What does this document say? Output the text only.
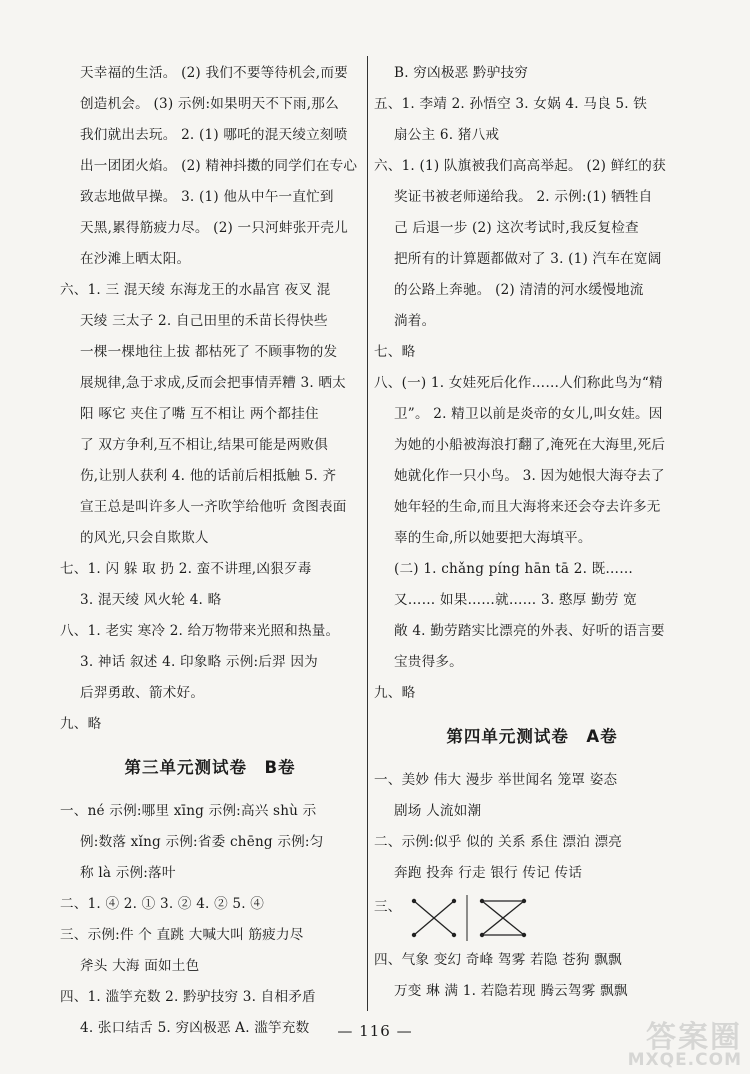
天幸福的生活。 (2) 我们不要等待机会,而要
创造机会。 (3) 示例:如果明天不下雨,那么
我们就出去玩。 2. (1) 哪吒的混天绫立刻喷
出一团团火焰。 (2) 精神抖擞的同学们在专心
致志地做早操。 3. (1) 他从中午一直忙到
天黑,累得筋疲力尽。 (2) 一只河蚌张开壳儿
在沙滩上晒太阳。
六、1. 三 混天绫 东海龙王的水晶宫 夜叉 混
天绫 三太子 2. 自己田里的禾苗长得快些
一棵一棵地往上拔 都枯死了 不顾事物的发
展规律,急于求成,反而会把事情弄糟 3. 晒太
阳 啄它 夹住了嘴 互不相让 两个都挂住
了 双方争利,互不相让,结果可能是两败俱
伤,让别人获利 4. 他的话前后相抵触 5. 齐
宣王总是叫许多人一齐吹竽给他听 贪图表面
的风光,只会自欺欺人
七、1. 闪 躲 取 扔 2. 蛮不讲理,凶狠歹毒
3. 混天绫 风火轮 4. 略
八、1. 老实 寒冷 2. 给万物带来光照和热量。
3. 神话 叙述 4. 印象略 示例:后羿 因为
后羿勇敢、箭术好。
九、略
第三单元测试卷　B卷
一、né 示例:哪里 xīng 示例:高兴 shù 示
例:数落 xǐng 示例:省委 chēng 示例:匀
称 là 示例:落叶
二、1. ④ 2. ① 3. ② 4. ② 5. ④
三、示例:件 个 直跳 大喊大叫 筋疲力尽
斧头 大海 面如土色
四、1. 滥竽充数 2. 黔驴技穷 3. 自相矛盾
4. 张口结舌 5. 穷凶极恶 A. 滥竽充数
B. 穷凶极恶 黔驴技穷
五、1. 李靖 2. 孙悟空 3. 女娲 4. 马良 5. 铁
扇公主 6. 猪八戒
六、1. (1) 队旗被我们高高举起。 (2) 鲜红的获
奖证书被老师递给我。 2. 示例:(1) 牺牲自
己 后退一步 (2) 这次考试时,我反复检查
把所有的计算题都做对了 3. (1) 汽车在宽阔
的公路上奔驰。 (2) 清清的河水缓慢地流
淌着。
七、略
八、(一) 1. 女娃死后化作……人们称此鸟为“精
卫”。 2. 精卫以前是炎帝的女儿,叫女娃。因
为她的小船被海浪打翻了,淹死在大海里,死后
她就化作一只小鸟。 3. 因为她恨大海夺去了
她年轻的生命,而且大海将来还会夺去许多无
辜的生命,所以她要把大海填平。
(二) 1. chǎng píng hān tā 2. 既……
又…… 如果……就…… 3. 憨厚 勤劳 宽
敞 4. 勤劳踏实比漂亮的外表、好听的语言要
宝贵得多。
九、略
第四单元测试卷　A卷
一、美妙 伟大 漫步 举世闻名 笼罩 姿态
剧场 人流如潮
二、示例:似乎 似的 关系 系住 漂泊 漂亮
奔跑 投奔 行走 银行 传记 传话
三、
四、气象 变幻 奇峰 驾雾 若隐 苍狗 飘飘
万变 琳 满 1. 若隐若现 腾云驾雾 飘飘
— 116 —	答案圈
MXQE.COM
